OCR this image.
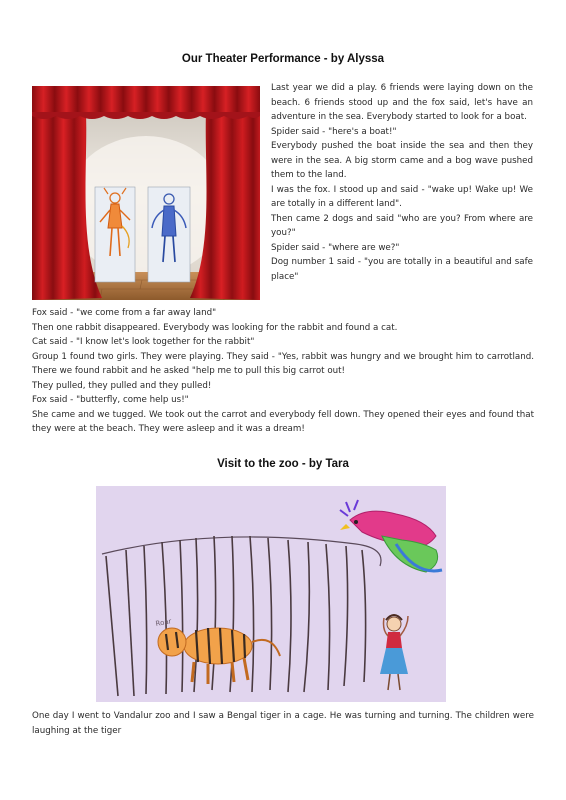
Our Theater Performance - by Alyssa

Last year we did a play. 6 friends were laying down on the beach. 6 friends stood up and the fox said, let's have an adventure in the sea. Everybody started to look for a boat.

Spider said - "here's a boat!"

Everybody pushed the boat inside the sea and then they were in the sea. A big storm came and a bog wave pushed them to the land.

I was the fox. I stood up and said - "wake up! Wake up! We are totally in a different land".

Then came 2 dogs and said "who are you? From where are you?"

Spider said - "where are we?"

Dog number 1 said - "you are totally in a beautiful and safe place"

Fox said - "we come from a far away land"

Then one rabbit disappeared. Everybody was looking for the rabbit and found a cat.

Cat said - "I know let's look together for the rabbit"

Group 1 found two girls. They were playing. They said - "Yes, rabbit was hungry and we brought him to carrotland. There we found rabbit and he asked "help me to pull this big carrot out!

They pulled, they pulled and they pulled!

Fox said - "butterfly, come help us!"

She came and we tugged. We took out the carrot and everybody fell down. They opened their eyes and found that they were at the beach. They were asleep and it was a dream!

Visit to the zoo - by Tara
Roar

One day I went to Vandalur zoo and I saw a Bengal tiger in a cage. He was turning and turning. The children were laughing at the tiger
